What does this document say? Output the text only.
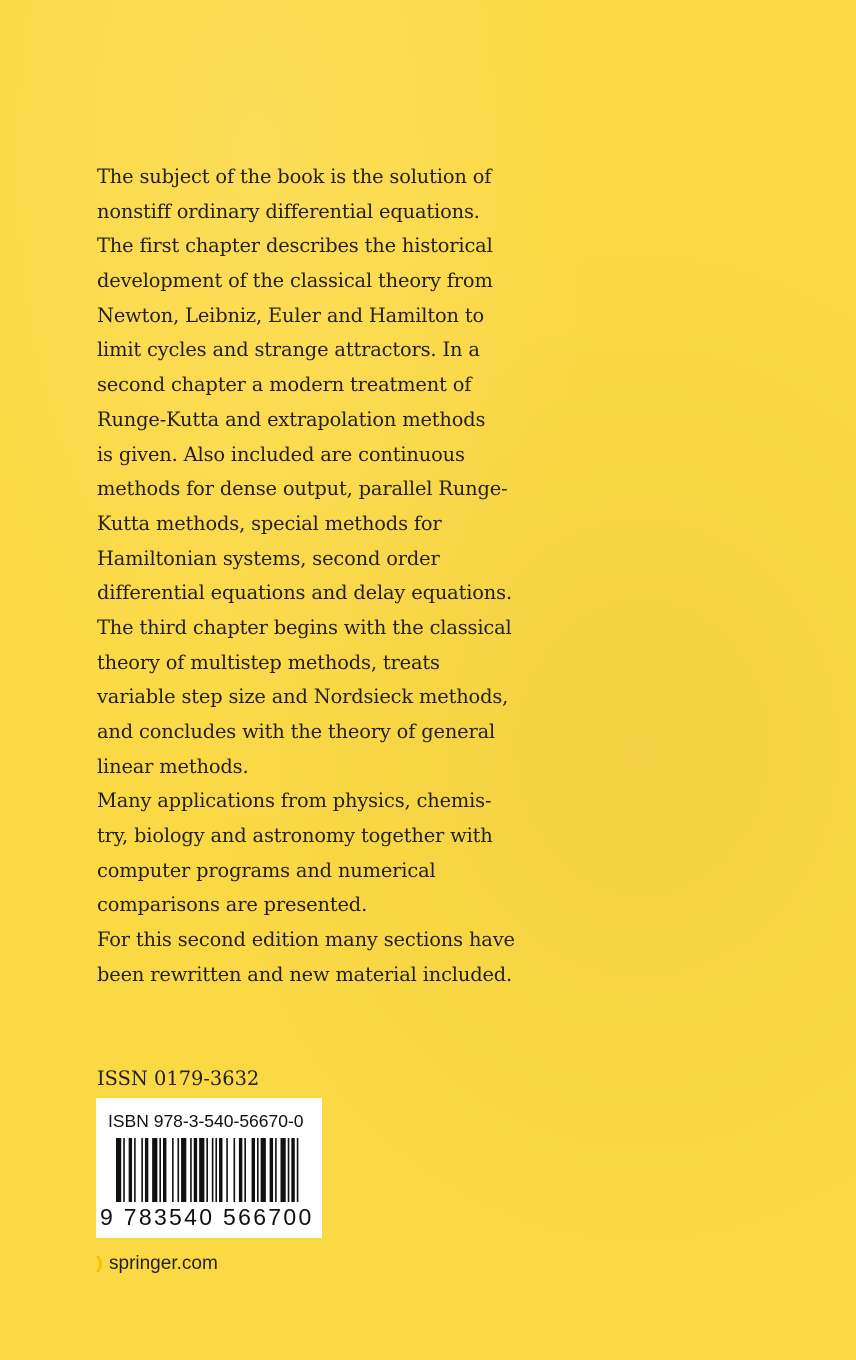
The subject of the book is the solution of
nonstiff ordinary differential equations.
The first chapter describes the historical
development of the classical theory from
Newton, Leibniz, Euler and Hamilton to
limit cycles and strange attractors. In a
second chapter a modern treatment of
Runge-Kutta and extrapolation methods
is given. Also included are continuous
methods for dense output, parallel Runge-
Kutta methods, special methods for
Hamiltonian systems, second order
differential equations and delay equations.
The third chapter begins with the classical
theory of multistep methods, treats
variable step size and Nordsieck methods,
and concludes with the theory of general
linear methods.
Many applications from physics, chemis-
try, biology and astronomy together with
computer programs and numerical
comparisons are presented.
For this second edition many sections have
been rewritten and new material included.
ISSN 0179-3632
ISBN 978-3-540-56670-0
9 783540 566700
springer.com
